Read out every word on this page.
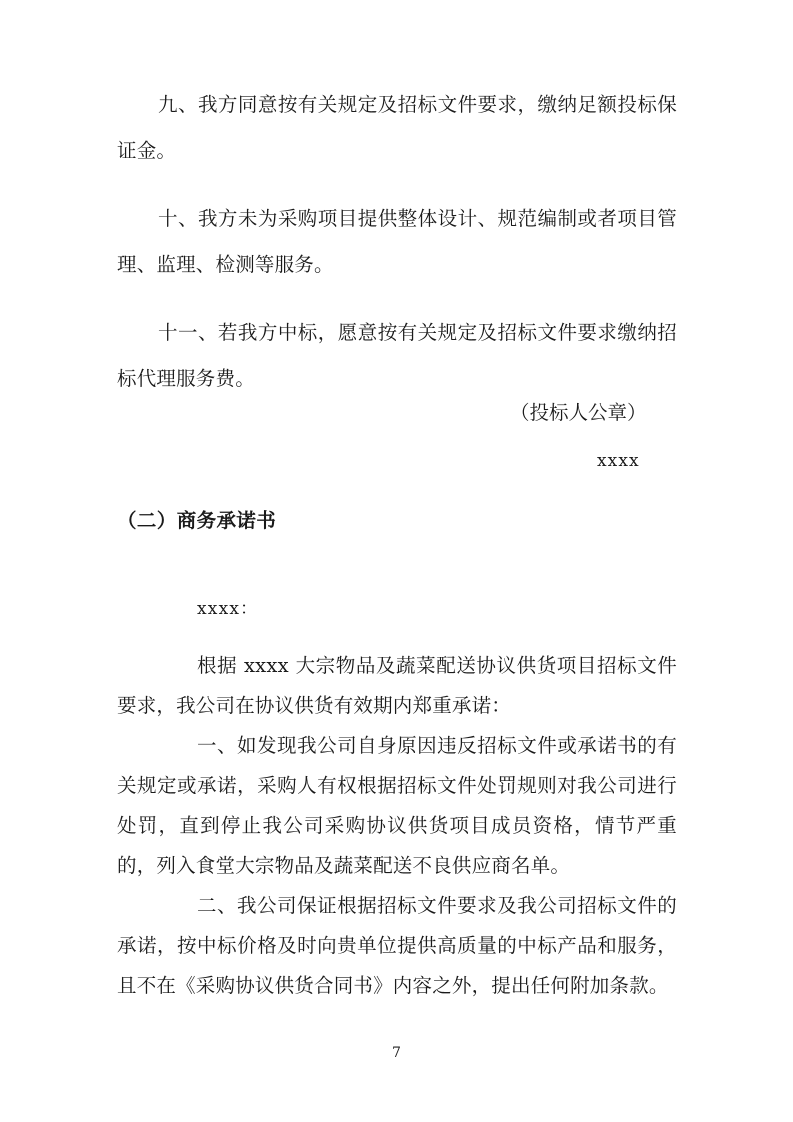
九、我方同意按有关规定及招标文件要求，缴纳足额投标保证金。

十、我方未为采购项目提供整体设计、规范编制或者项目管理、监理、检测等服务。

十一、若我方中标，愿意按有关规定及招标文件要求缴纳招标代理服务费。

（投标人公章）
xxxx
（二）商务承诺书
xxxx：

根据 xxxx 大宗物品及蔬菜配送协议供货项目招标文件要求，我公司在协议供货有效期内郑重承诺：

一、如发现我公司自身原因违反招标文件或承诺书的有关规定或承诺，采购人有权根据招标文件处罚规则对我公司进行处罚，直到停止我公司采购协议供货项目成员资格，情节严重的，列入食堂大宗物品及蔬菜配送不良供应商名单。

二、我公司保证根据招标文件要求及我公司招标文件的承诺，按中标价格及时向贵单位提供高质量的中标产品和服务，且不在《采购协议供货合同书》内容之外，提出任何附加条款。

7
